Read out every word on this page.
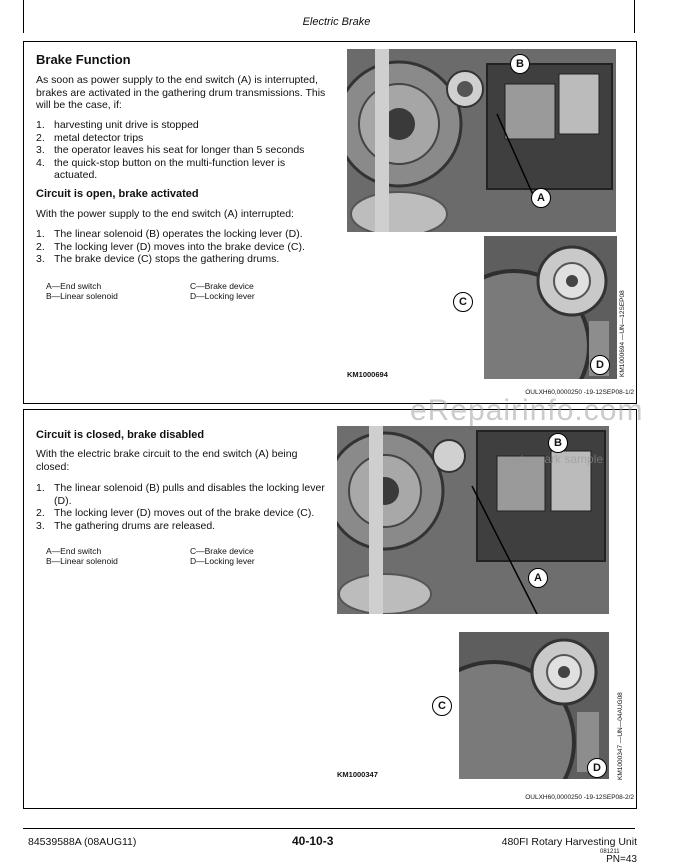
Electric Brake
Brake Function
As soon as power supply to the end switch (A) is interrupted, brakes are activated in the gathering drum transmissions. This will be the case, if:
1. harvesting unit drive is stopped
2. metal detector trips
3. the operator leaves his seat for longer than 5 seconds
4. the quick-stop button on the multi-function lever is actuated.
Circuit is open, brake activated
With the power supply to the end switch (A) interrupted:
1. The linear solenoid (B) operates the locking lever (D).
2. The locking lever (D) moves into the brake device (C).
3. The brake device (C) stops the gathering drums.
A—End switch
B—Linear solenoid
C—Brake device
D—Locking lever
B
A
C
D
KM1000694	KM1000694 —UN—12SEP08
OULXH60,0000250 -19-12SEP08-1/2
Circuit is closed, brake disabled
With the electric brake circuit to the end switch (A) being closed:
1. The linear solenoid (B) pulls and disables the locking lever (D).
2. The locking lever (D) moves out of the brake device (C).
3. The gathering drums are released.
A—End switch
B—Linear solenoid
C—Brake device
D—Locking lever
B
A
C
D
KM1000347	KM1000347 —UN—04AUG08
OULXH60,0000250 -19-12SEP08-2/2
eRepairinfo.com
watermark sample
84539588A (08AUG11)	40-10-3	480FI Rotary Harvesting Unit
081211
PN=43
